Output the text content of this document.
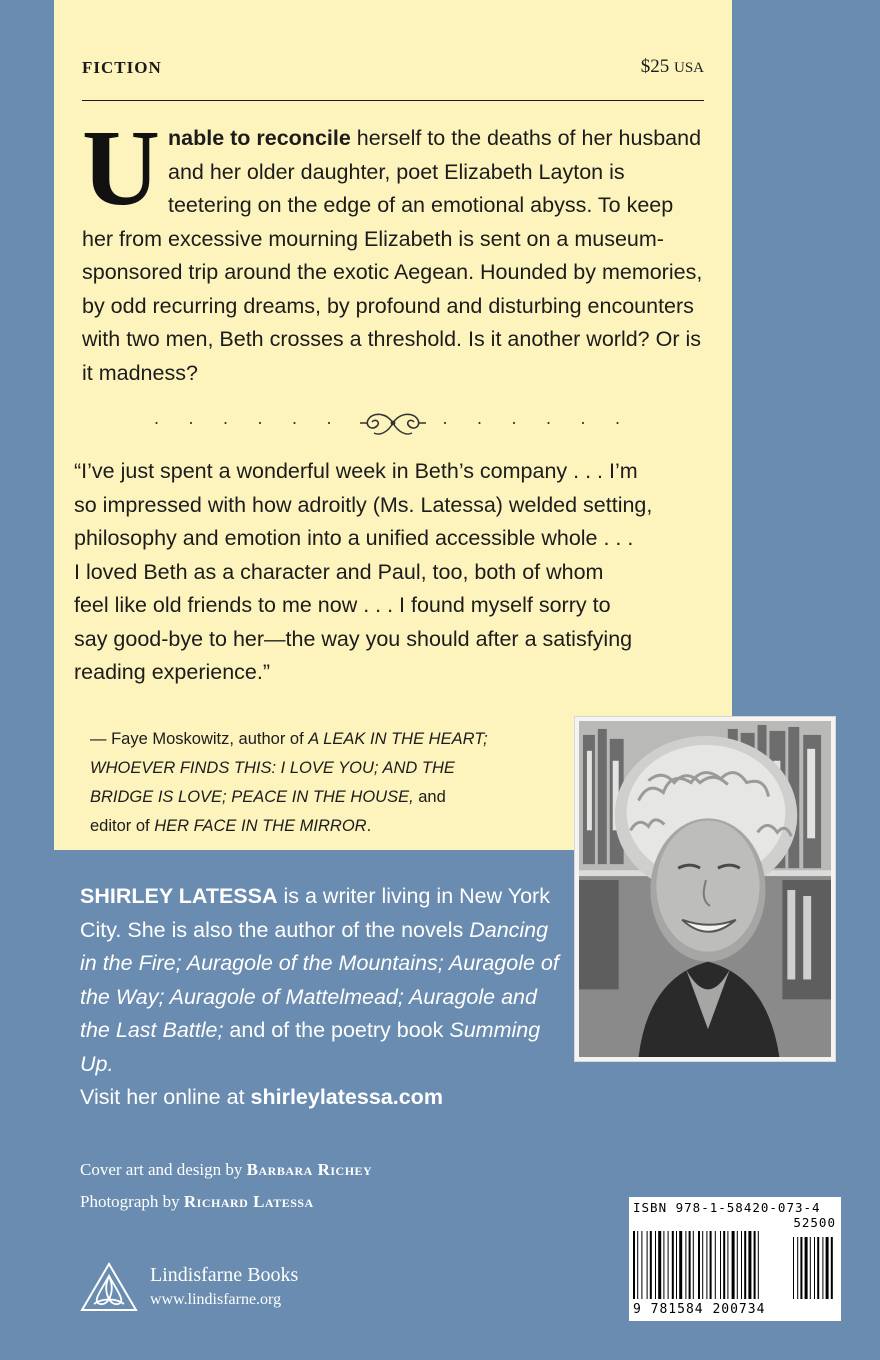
FICTION	$25 USA
Unable to reconcile herself to the deaths of her husband and her older daughter, poet Elizabeth Layton is teetering on the edge of an emotional abyss. To keep her from excessive mourning Elizabeth is sent on a museum-sponsored trip around the exotic Aegean. Hounded by memories, by odd recurring dreams, by profound and disturbing encounters with two men, Beth crosses a threshold. Is it another world? Or is it madness?
· · · · · ·	· · · · · ·
“I’ve just spent a wonderful week in Beth’s company . . . I’m
so impressed with how adroitly (Ms. Latessa) welded setting,
philosophy and emotion into a unified accessible whole . . .
I loved Beth as a character and Paul, too, both of whom
feel like old friends to me now . . . I found myself sorry to
say good-bye to her—the way you should after a satisfying
reading experience.”
— Faye Moskowitz, author of A LEAK IN THE HEART;
WHOEVER FINDS THIS: I LOVE YOU; AND THE
BRIDGE IS LOVE; PEACE IN THE HOUSE, and
editor of HER FACE IN THE MIRROR.
SHIRLEY LATESSA is a writer living in New York City. She is also the author of the novels Dancing in the Fire; Auragole of the Mountains; Auragole of the Way; Auragole of Mattelmead; Auragole and the Last Battle; and of the poetry book Summing Up.
Visit her online at shirleylatessa.com
Cover art and design by Barbara Richey
Photograph by Richard Latessa
Lindisfarne Books
www.lindisfarne.org
ISBN 978-1-58420-073-4
52500
9 781584 200734
